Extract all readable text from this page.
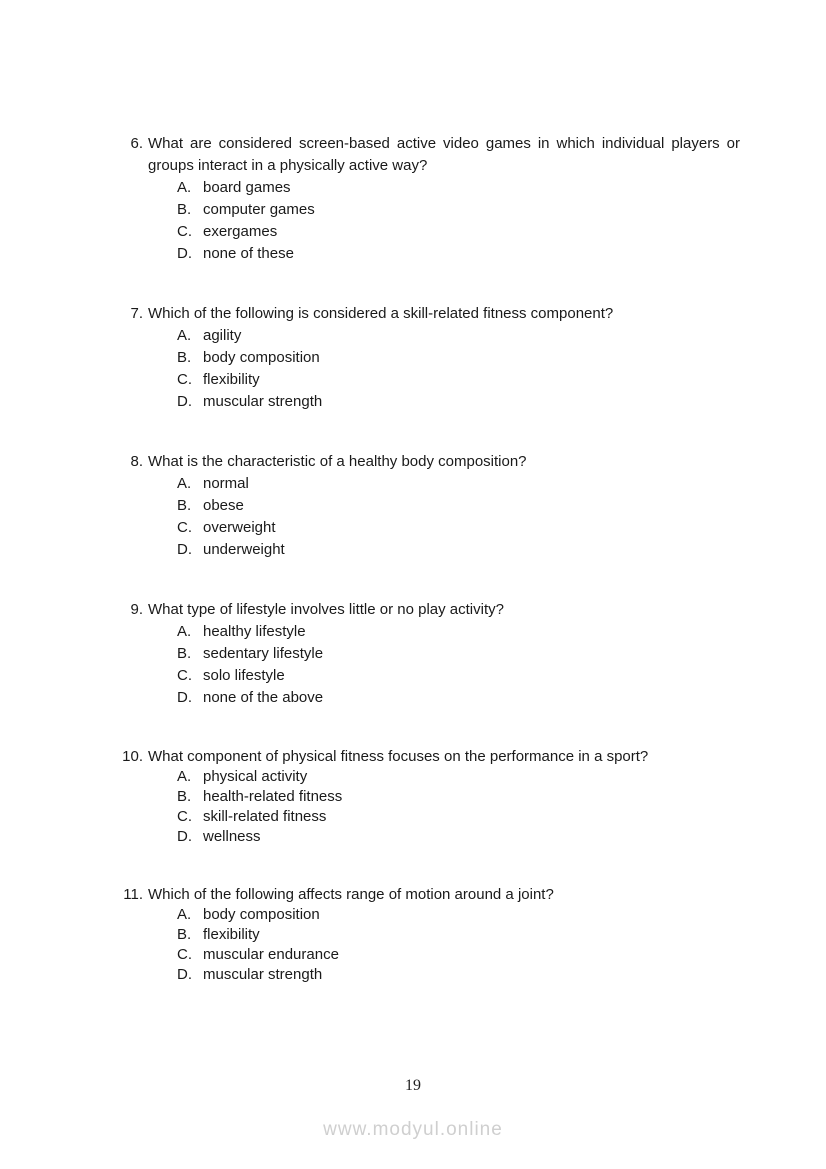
6. What are considered screen-based active video games in which individual players or groups interact in a physically active way?
A. board games
B. computer games
C. exergames
D. none of these
7. Which of the following is considered a skill-related fitness component?
A. agility
B. body composition
C. flexibility
D. muscular strength
8. What is the characteristic of a healthy body composition?
A. normal
B. obese
C. overweight
D. underweight
9. What type of lifestyle involves little or no play activity?
A. healthy lifestyle
B. sedentary lifestyle
C. solo lifestyle
D. none of the above
10. What component of physical fitness focuses on the performance in a sport?
A. physical activity
B. health-related fitness
C. skill-related fitness
D. wellness
11. Which of the following affects range of motion around a joint?
A. body composition
B. flexibility
C. muscular endurance
D. muscular strength
19
www.modyul.online
